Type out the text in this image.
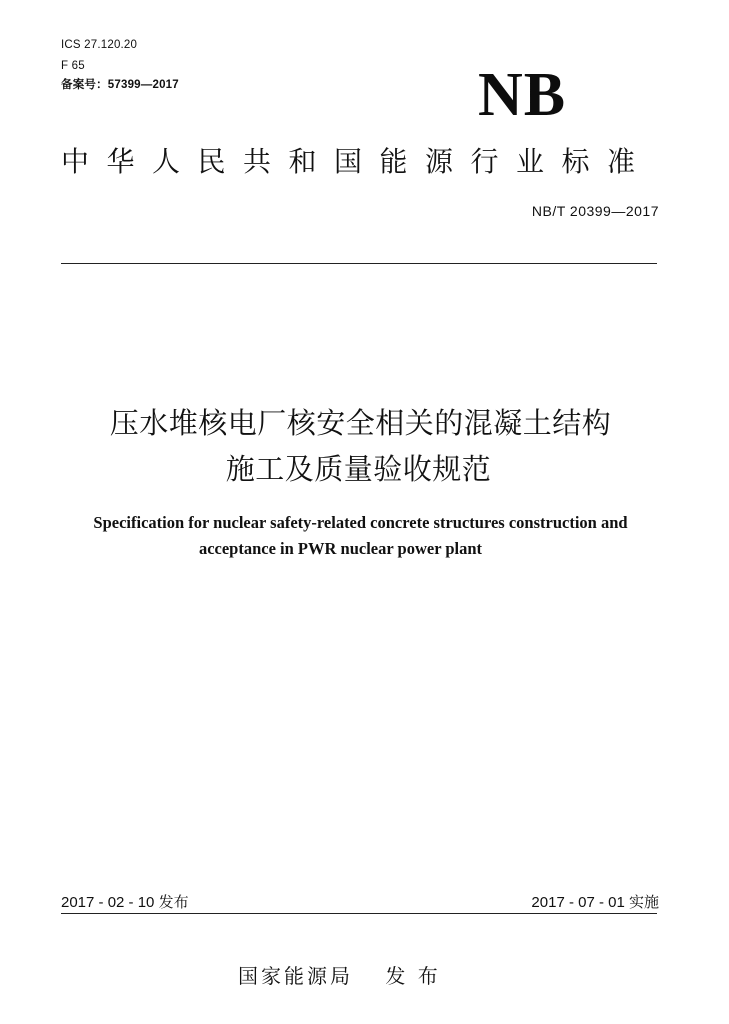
ICS 27.120.20
F 65
备案号：57399—2017	NB
中华人民共和国能源行业标准
NB/T 20399—2017
压水堆核电厂核安全相关的混凝土结构
施工及质量验收规范
Specification for nuclear safety-related concrete structures construction and
acceptance in PWR nuclear power plant
2017 - 02 - 10 发布	2017 - 07 - 01 实施
国家能源局　 发 布
